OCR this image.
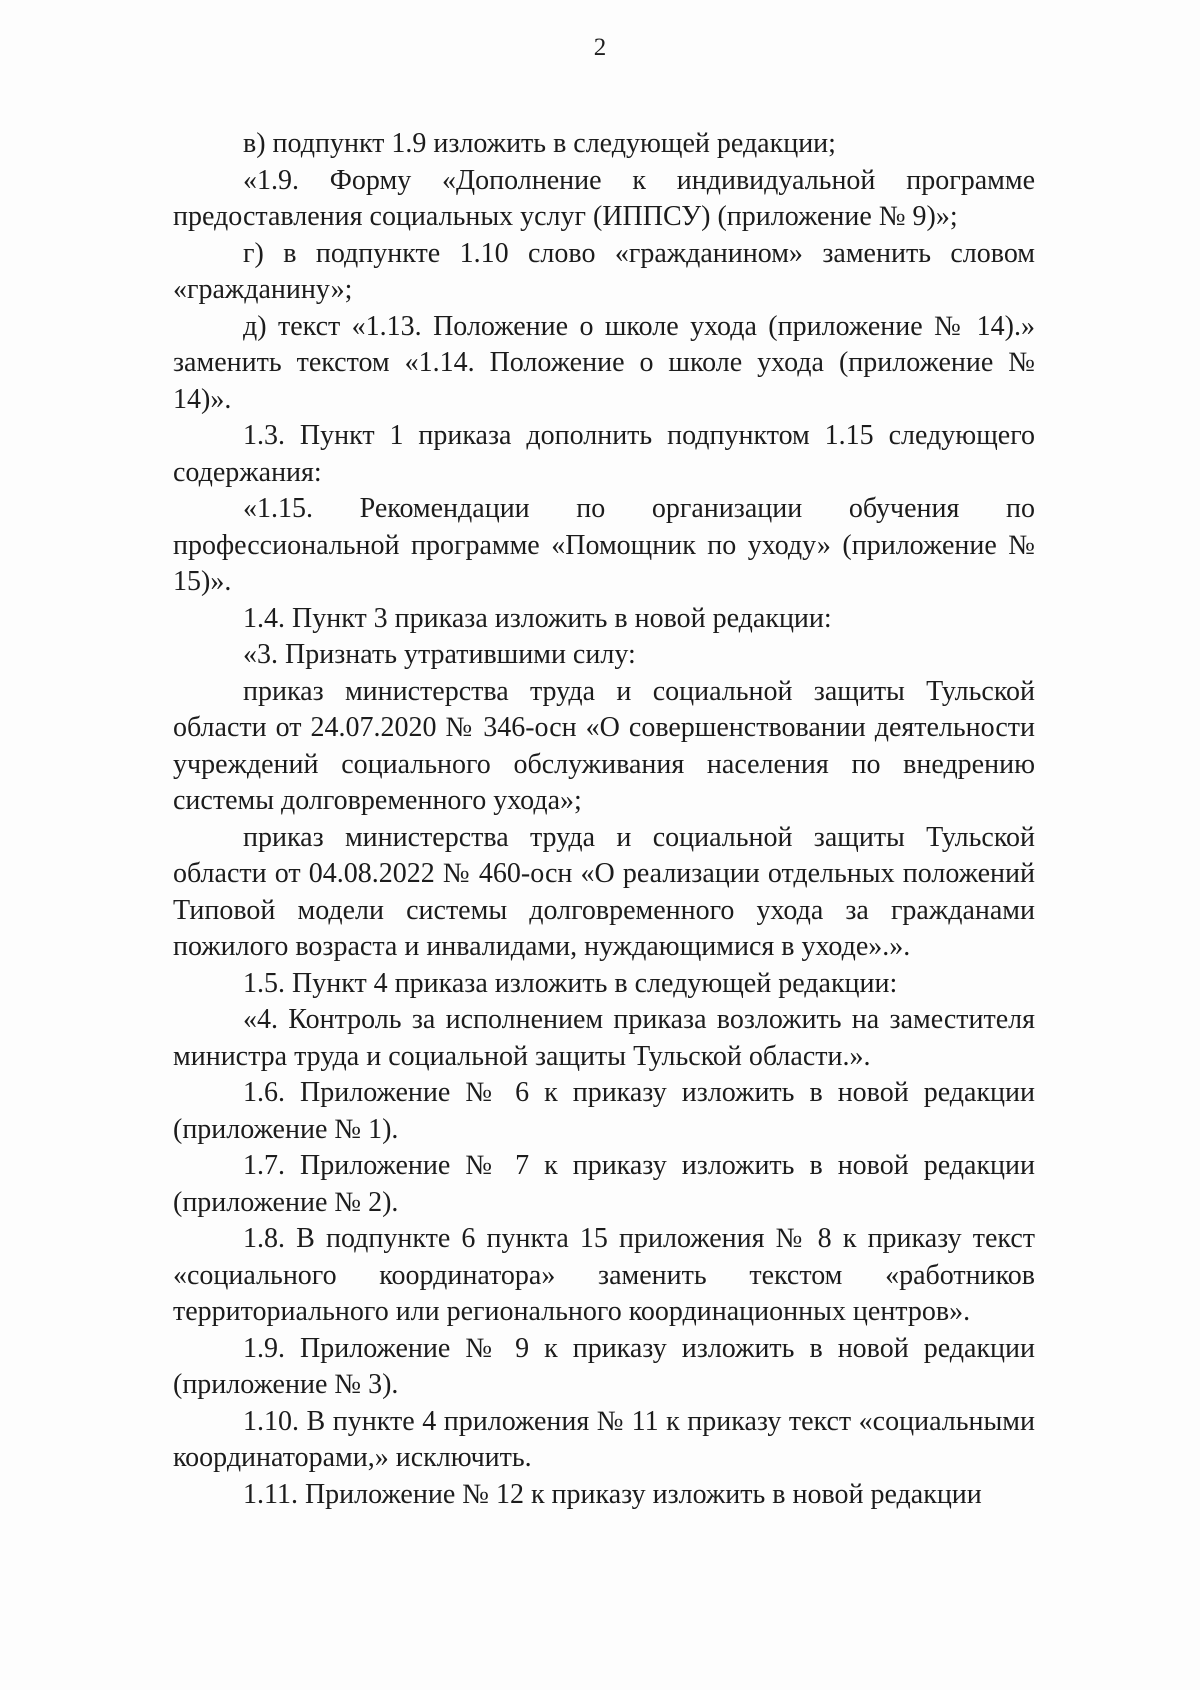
2

в) подпункт 1.9 изложить в следующей редакции;

«1.9. Форму «Дополнение к индивидуальной программе предоставления социальных услуг (ИППСУ) (приложение № 9)»;

г) в подпункте 1.10 слово «гражданином» заменить словом «гражданину»;

д) текст «1.13. Положение о школе ухода (приложение № 14).» заменить текстом «1.14. Положение о школе ухода (приложение № 14)».

1.3. Пункт 1 приказа дополнить подпунктом 1.15 следующего содержания:

«1.15. Рекомендации по организации обучения по профессиональной программе «Помощник по уходу» (приложение № 15)».

1.4. Пункт 3 приказа изложить в новой редакции:

«3. Признать утратившими силу:

приказ министерства труда и социальной защиты Тульской области от 24.07.2020 № 346-осн «О совершенствовании деятельности учреждений социального обслуживания населения по внедрению системы долговременного ухода»;

приказ министерства труда и социальной защиты Тульской области от 04.08.2022 № 460-осн «О реализации отдельных положений Типовой модели системы долговременного ухода за гражданами пожилого возраста и инвалидами, нуждающимися в уходе».».

1.5. Пункт 4 приказа изложить в следующей редакции:

«4. Контроль за исполнением приказа возложить на заместителя министра труда и социальной защиты Тульской области.».

1.6. Приложение № 6 к приказу изложить в новой редакции (приложение № 1).

1.7. Приложение № 7 к приказу изложить в новой редакции (приложение № 2).

1.8. В подпункте 6 пункта 15 приложения № 8 к приказу текст «социального координатора» заменить текстом «работников территориального или регионального координационных центров».

1.9. Приложение № 9 к приказу изложить в новой редакции (приложение № 3).

1.10. В пункте 4 приложения № 11 к приказу текст «социальными координаторами,» исключить.

1.11. Приложение № 12 к приказу изложить в новой редакции
